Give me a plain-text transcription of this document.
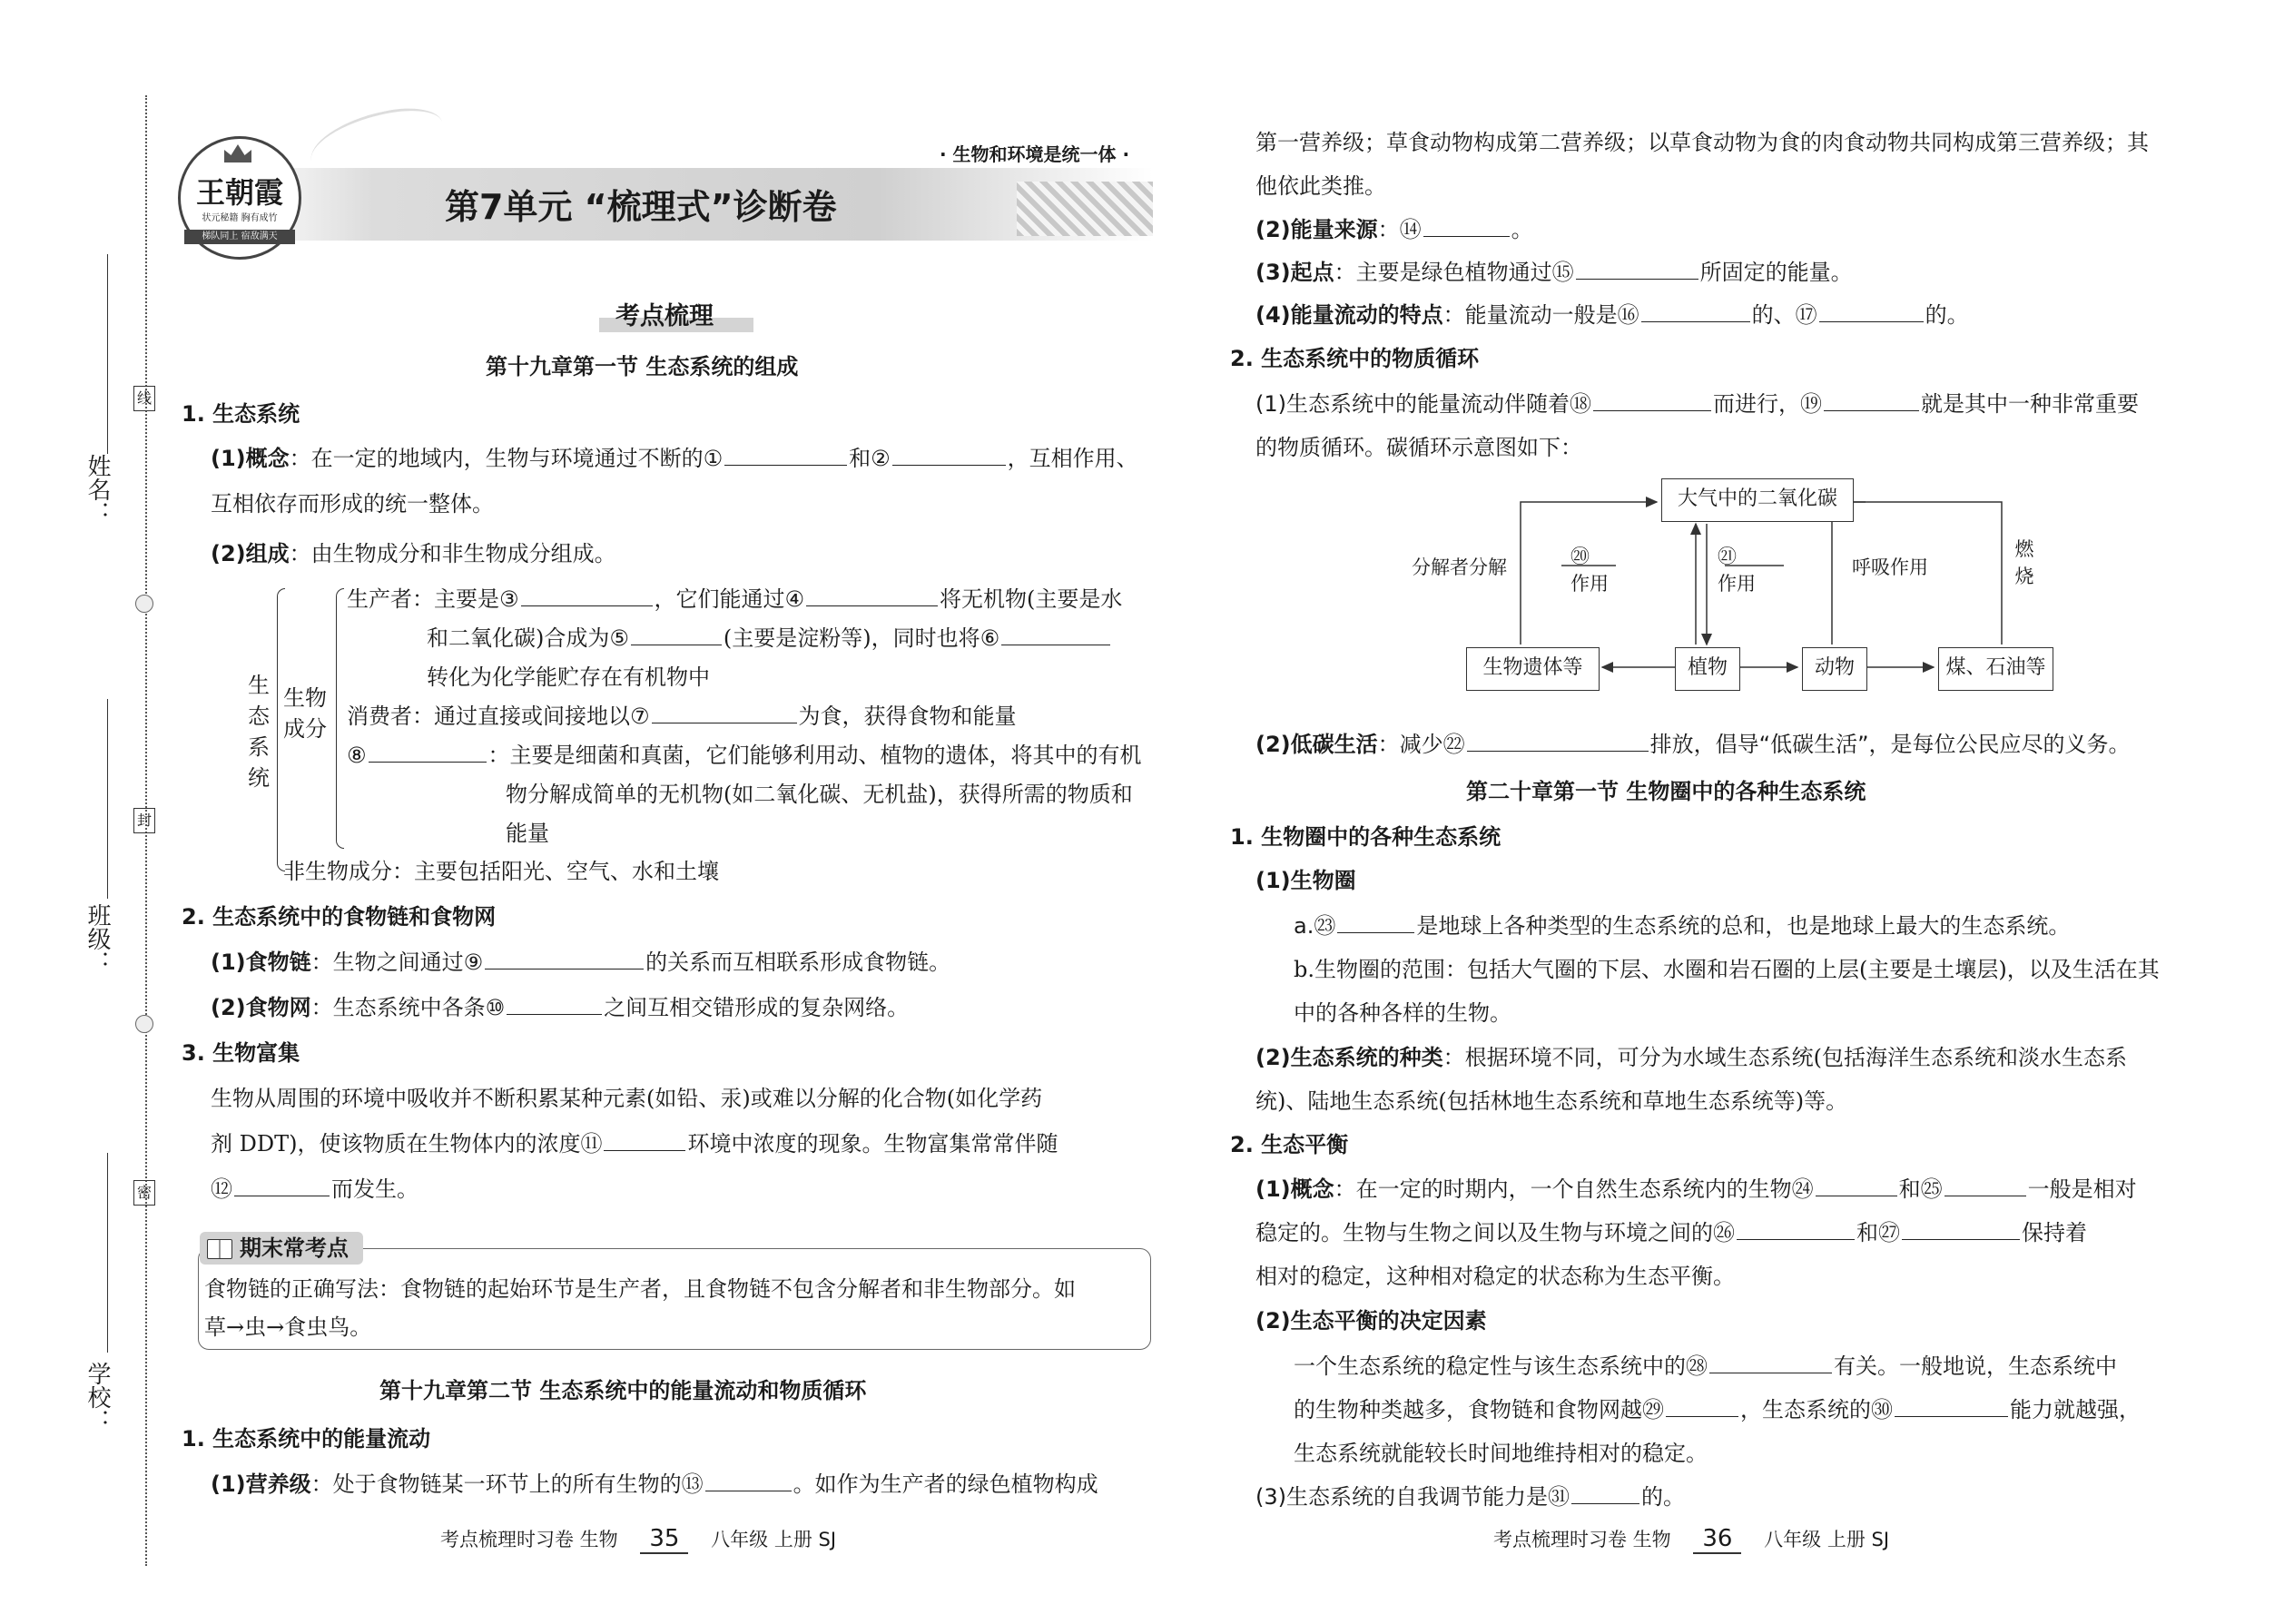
姓名：
班级：
学校：
线
封
密
王朝霞
状元秘籍 胸有成竹
梯队同上 宿敌满天
· 生物和环境是统一体 ·
第7单元 “梳理式”诊断卷
考点梳理
第十九章第一节 生态系统的组成
1. 生态系统
(1)概念：在一定的地域内，生物与环境通过不断的①	和②	，互相作用、
互相依存而形成的统一整体。
(2)组成：由生物成分和非生物成分组成。
生
态
系
统
生物
成分
生产者：主要是③	，它们能通过④	将无机物(主要是水
和二氧化碳)合成为⑤	(主要是淀粉等)，同时也将⑥
转化为化学能贮存在有机物中
消费者：通过直接或间接地以⑦	为食，获得食物和能量
⑧	：主要是细菌和真菌，它们能够利用动、植物的遗体，将其中的有机
物分解成简单的无机物(如二氧化碳、无机盐)，获得所需的物质和
能量
非生物成分：主要包括阳光、空气、水和土壤
2. 生态系统中的食物链和食物网
(1)食物链：生物之间通过⑨	的关系而互相联系形成食物链。
(2)食物网：生态系统中各条⑩	之间互相交错形成的复杂网络。
3. 生物富集
生物从周围的环境中吸收并不断积累某种元素(如铅、汞)或难以分解的化合物(如化学药
剂 DDT)，使该物质在生物体内的浓度⑪	环境中浓度的现象。生物富集常常伴随
⑫	而发生。
期末常考点
食物链的正确写法：食物链的起始环节是生产者，且食物链不包含分解者和非生物部分。如
草→虫→食虫鸟。
第十九章第二节 生态系统中的能量流动和物质循环
1. 生态系统中的能量流动
(1)营养级：处于食物链某一环节上的所有生物的⑬	。如作为生产者的绿色植物构成
考点梳理时习卷 生物 35 八年级 上册 SJ
第一营养级；草食动物构成第二营养级；以草食动物为食的肉食动物共同构成第三营养级；其
他依此类推。
(2)能量来源：⑭	。
(3)起点：主要是绿色植物通过⑮	所固定的能量。
(4)能量流动的特点：能量流动一般是⑯	的、⑰	的。
2. 生态系统中的物质循环
(1)生态系统中的能量流动伴随着⑱	而进行，⑲	就是其中一种非常重要
的物质循环。碳循环示意图如下：
大气中的二氧化碳
生物遗体等	植物	动物	煤、石油等
分解者分解	⑳
作用
㉑
作用
呼吸作用
燃
烧
(2)低碳生活：减少㉒	排放，倡导“低碳生活”，是每位公民应尽的义务。
第二十章第一节 生物圈中的各种生态系统
1. 生物圈中的各种生态系统
(1)生物圈
a.㉓	是地球上各种类型的生态系统的总和，也是地球上最大的生态系统。
b.生物圈的范围：包括大气圈的下层、水圈和岩石圈的上层(主要是土壤层)，以及生活在其
中的各种各样的生物。
(2)生态系统的种类：根据环境不同，可分为水域生态系统(包括海洋生态系统和淡水生态系
统)、陆地生态系统(包括林地生态系统和草地生态系统等)等。
2. 生态平衡
(1)概念：在一定的时期内，一个自然生态系统内的生物㉔	和㉕	一般是相对
稳定的。生物与生物之间以及生物与环境之间的㉖	和㉗	保持着
相对的稳定，这种相对稳定的状态称为生态平衡。
(2)生态平衡的决定因素
一个生态系统的稳定性与该生态系统中的㉘	有关。一般地说，生态系统中
的生物种类越多，食物链和食物网越㉙	，生态系统的㉚	能力就越强，
生态系统就能较长时间地维持相对的稳定。
(3)生态系统的自我调节能力是㉛	的。
考点梳理时习卷 生物 36 八年级 上册 SJ
